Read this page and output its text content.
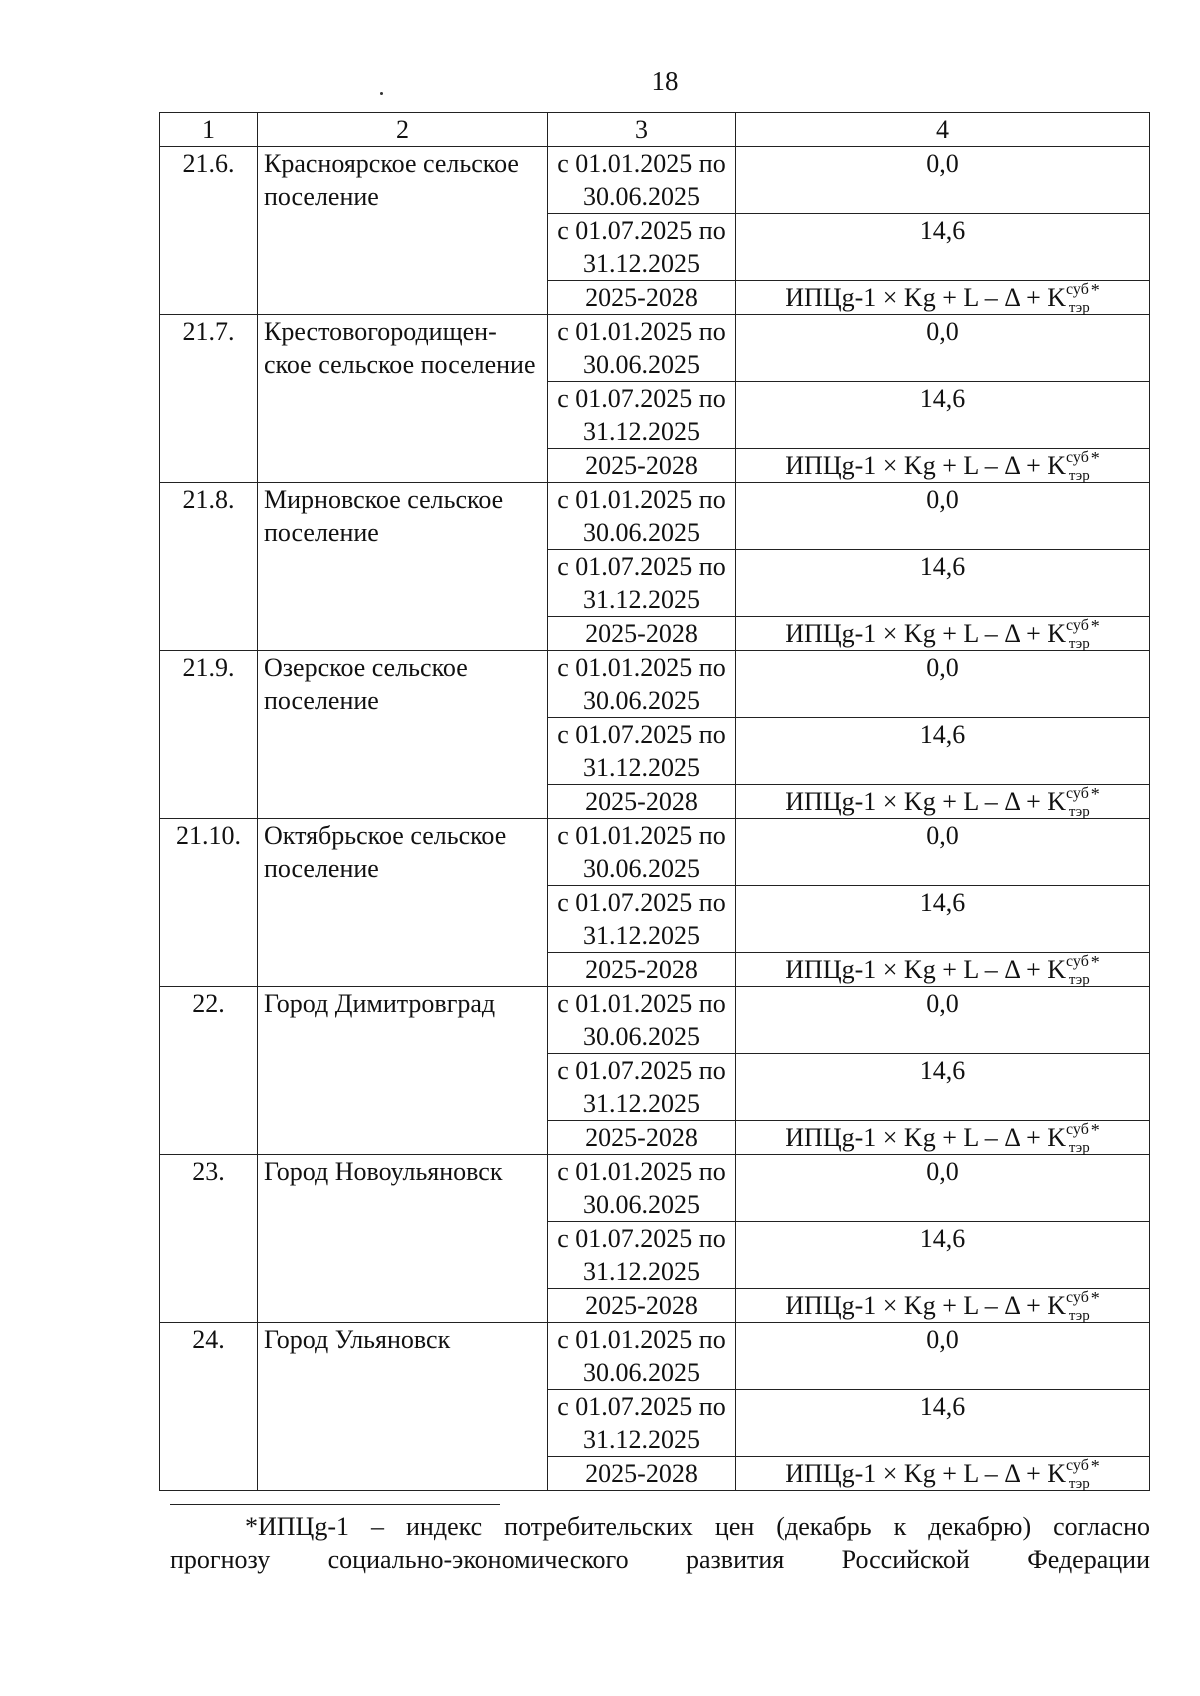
18
1	2	3	4
21.6.	Красноярское сельское поселение	с 01.01.2025 по 30.06.2025	0,0
		с 01.07.2025 по 31.12.2025	14,6
		2025-2028	ИПЦg-1 × $Kg + L - \Delta + K^{суб}_{тэр}^*$
21.7.	Крестовогородищен-ское сельское поселение	с 01.01.2025 по 30.06.2025	0,0
		с 01.07.2025 по 31.12.2025	14,6
		2025-2028	ИПЦg-1 × $Kg + L - \Delta + K^{суб}_{тэр}^*$
21.8.	Мирновское сельское поселение	с 01.01.2025 по 30.06.2025	0,0
		с 01.07.2025 по 31.12.2025	14,6
		2025-2028	ИПЦg-1 × $Kg + L - \Delta + K^{суб}_{тэр}^*$
21.9.	Озерское сельское поселение	с 01.01.2025 по 30.06.2025	0,0
		с 01.07.2025 по 31.12.2025	14,6
		2025-2028	ИПЦg-1 × $Kg + L - \Delta + K^{суб}_{тэр}^*$
21.10.	Октябрьское сельское поселение	с 01.01.2025 по 30.06.2025	0,0
		с 01.07.2025 по 31.12.2025	14,6
		2025-2028	ИПЦg-1 × $Kg + L - \Delta + K^{суб}_{тэр}^*$
22.	Город Димитровград	с 01.01.2025 по 30.06.2025	0,0
		с 01.07.2025 по 31.12.2025	14,6
		2025-2028	ИПЦg-1 × $Kg + L - \Delta + K^{суб}_{тэр}^*$
23.	Город Новоульяновск	с 01.01.2025 по 30.06.2025	0,0
		с 01.07.2025 по 31.12.2025	14,6
		2025-2028	ИПЦg-1 × $Kg + L - \Delta + K^{суб}_{тэр}^*$
24.	Город Ульяновск	с 01.01.2025 по 30.06.2025	0,0
		с 01.07.2025 по 31.12.2025	14,6
		2025-2028	ИПЦg-1 × $Kg + L - \Delta + K^{суб}_{тэр}^*$
*ИПЦg-1 – индекс потребительских цен (декабрь к декабрю) согласно
прогнозу социально-экономического развития Российской Федерации
